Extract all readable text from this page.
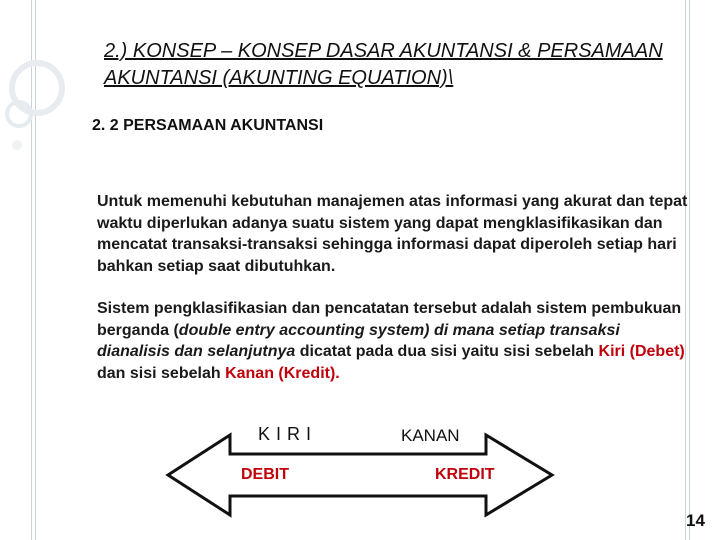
2.) KONSEP – KONSEP DASAR AKUNTANSI & PERSAMAAN AKUNTANSI (AKUNTING EQUATION)\
2. 2 PERSAMAAN AKUNTANSI

Untuk memenuhi kebutuhan manajemen atas informasi yang akurat dan tepat waktu diperlukan adanya suatu sistem yang dapat mengklasifikasikan dan mencatat transaksi-transaksi sehingga informasi dapat diperoleh setiap hari bahkan setiap saat dibutuhkan.

Sistem pengklasifikasian dan pencatatan tersebut adalah sistem pembukuan berganda (double entry accounting system) di mana setiap transaksi dianalisis dan selanjutnya dicatat pada dua sisi yaitu sisi sebelah Kiri (Debet) dan sisi sebelah Kanan (Kredit).

KIRI	KANAN
DEBIT	KREDIT
14
